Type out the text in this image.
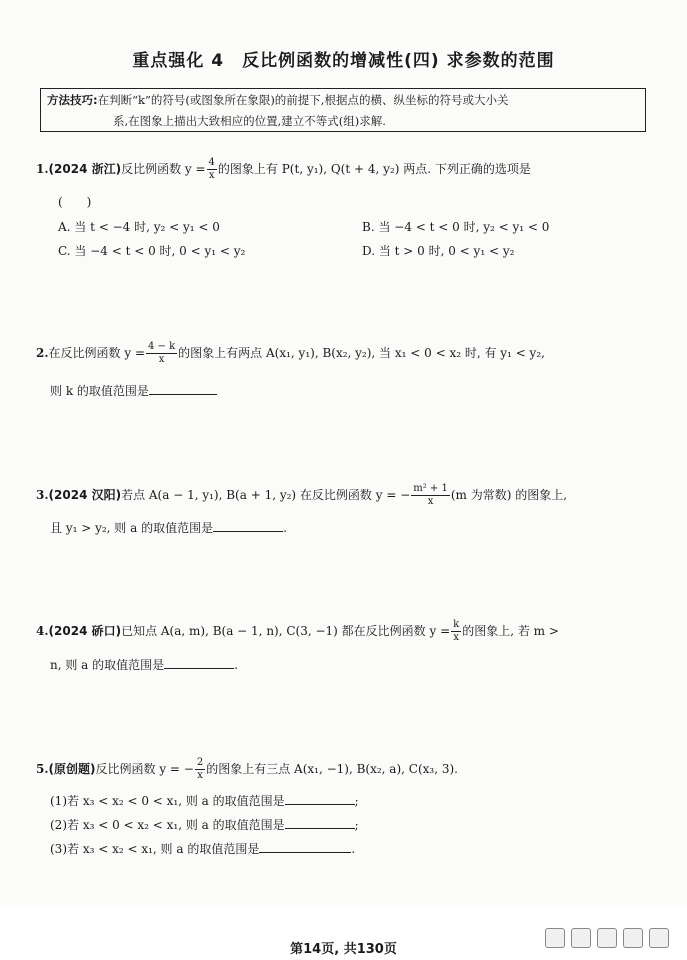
重点强化 4　反比例函数的增减性(四) 求参数的范围
方法技巧:在判断“k”的符号(或图象所在象限)的前提下,根据点的横、纵坐标的符号或大小关
系,在图象上描出大致相应的位置,建立不等式(组)求解.
1.(2024 浙江)反比例函数 $y = \frac{4}{x}$ 的图象上有 P(t, y₁), Q(t + 4, y₂) 两点. 下列正确的选项是
(　　)
A. 当 t < −4 时, y₂ < y₁ < 0	B. 当 −4 < t < 0 时, y₂ < y₁ < 0
C. 当 −4 < t < 0 时, 0 < y₁ < y₂	D. 当 t > 0 时, 0 < y₁ < y₂
2.在反比例函数 $y = \frac{4 - k}{x}$ 的图象上有两点 A(x₁, y₁), B(x₂, y₂), 当 x₁ < 0 < x₂ 时, 有 y₁ < y₂,
则 k 的取值范围是
3.(2024 汉阳)若点 A(a − 1, y₁), B(a + 1, y₂) 在反比例函数 y = − $\frac{\text{m² + 1}}{x} (m$ 为常数) 的图象上,
且 y₁ > y₂, 则 a 的取值范围是	.
4.(2024 硚口)已知点 A(a, m), B(a − 1, n), C(3, −1) 都在反比例函数 $y = \frac{k}{x}$ 的图象上, 若 m >
n, 则 a 的取值范围是	.
5.(原创题)反比例函数 y = − $\frac{2}{x}$ 的图象上有三点 A(x₁, −1), B(x₂, a), C(x₃, 3).
(1)若 x₃ < x₂ < 0 < x₁, 则 a 的取值范围是	;
(2)若 x₃ < 0 < x₂ < x₁, 则 a 的取值范围是	;
(3)若 x₃ < x₂ < x₁, 则 a 的取值范围是	.
第14页, 共130页
